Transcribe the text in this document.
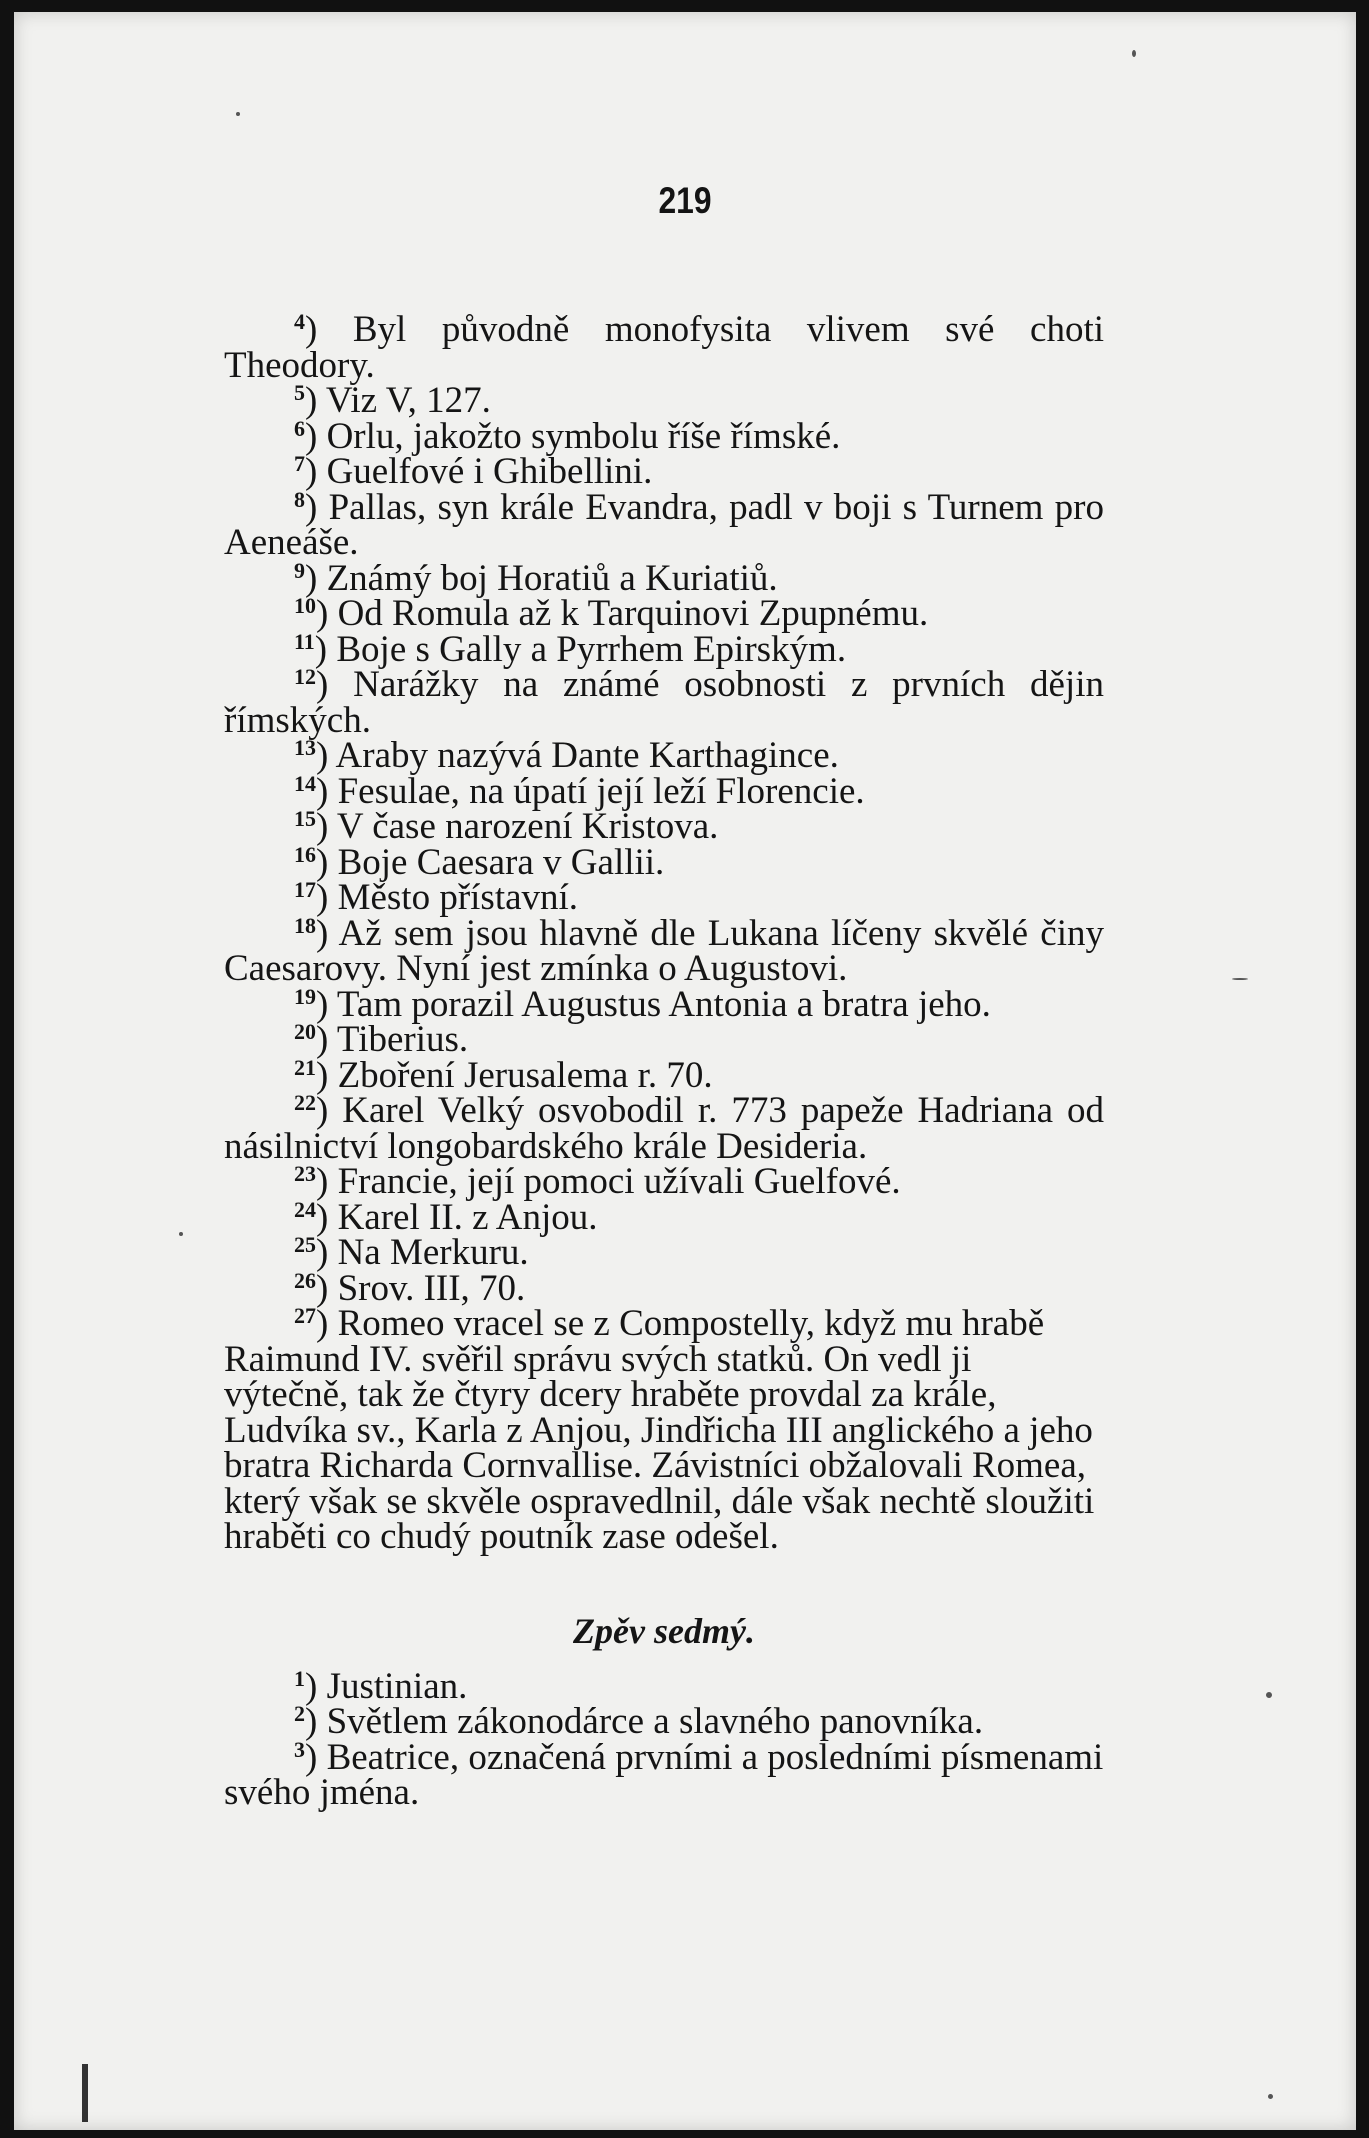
219

$^4$) Byl původně monofysita vlivem své choti Theodory.

$^5$) Viz V, 127.

$^6$) Orlu, jakožto symbolu říše římské.

$^7$) Guelfové i Ghibellini.

$^8$) Pallas, syn krále Evandra, padl v boji s Turnem pro Aeneáše.

$^9$) Známý boj Horatiů a Kuriatiů.

$^{10}$) Od Romula až k Tarquinovi Zpupnému.

$^{11}$) Boje s Gally a Pyrrhem Epirským.

$^{12}$) Narážky na známé osobnosti z prvních dějin římských.

$^{13}$) Araby nazývá Dante Karthagince.

$^{14}$) Fesulae, na úpatí její leží Florencie.

$^{15}$) V čase narození Kristova.

$^{16}$) Boje Caesara v Gallii.

$^{17}$) Město přístavní.

$^{18}$) Až sem jsou hlavně dle Lukana líčeny skvělé činy Caesarovy. Nyní jest zmínka o Augustovi.

$^{19}$) Tam porazil Augustus Antonia a bratra jeho.

$^{20}$) Tiberius.

$^{21}$) Zboření Jerusalema r. 70.

$^{22}$) Karel Velký osvobodil r. 773 papeže Hadriana od násilnictví longobardského krále Desideria.

$^{23}$) Francie, její pomoci užívali Guelfové.

$^{24}$) Karel II. z Anjou.

$^{25}$) Na Merkuru.

$^{26}$) Srov. III, 70.

$^{27}$) Romeo vracel se z Compostelly, když mu hrabě Raimund IV. svěřil správu svých statků. On vedl ji výtečně, tak že čtyry dcery hraběte provdal za krále, Ludvíka sv., Karla z Anjou, Jindřicha III anglického a jeho bratra Richarda Cornvallise. Závistníci obžalovali Romea, který však se skvěle ospravedlnil, dále však nechtě sloužiti hraběti co chudý poutník zase odešel.

Zpěv sedmý.

$^1$) Justinian.

$^2$) Světlem zákonodárce a slavného panovníka.

$^3$) Beatrice, označená prvními a posledními písmenami svého jména.
